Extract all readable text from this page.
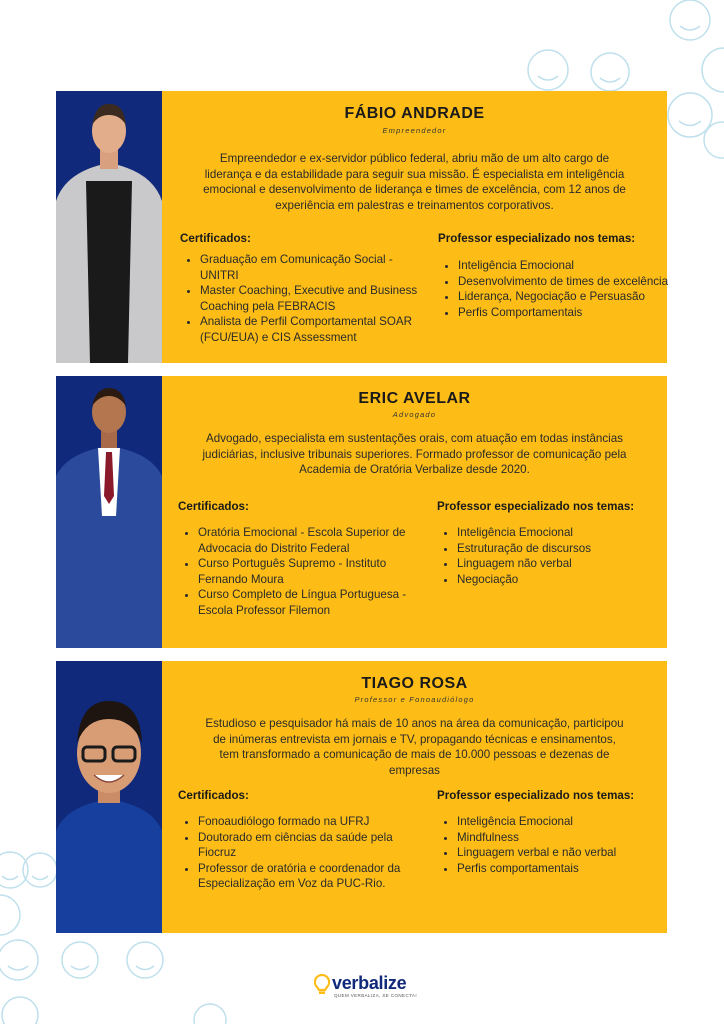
FÁBIO ANDRADE
Empreendedor
Empreendedor e ex-servidor público federal, abriu mão de um alto cargo de liderança e da estabilidade para seguir sua missão. É especialista em inteligência emocional e desenvolvimento de liderança e times de excelência, com 12 anos de experiência em palestras e treinamentos corporativos.
Certificados:
• Graduação em Comunicação Social - UNITRI
• Master Coaching, Executive and Business Coaching pela FEBRACIS
• Analista de Perfil Comportamental SOAR (FCU/EUA) e CIS Assessment
Professor especializado nos temas:
• Inteligência Emocional
• Desenvolvimento de times de excelência
• Liderança, Negociação e Persuasão
• Perfis Comportamentais
ERIC AVELAR
Advogado
Advogado, especialista em sustentações orais, com atuação em todas instâncias judiciárias, inclusive tribunais superiores. Formado professor de comunicação pela Academia de Oratória Verbalize desde 2020.
Certificados:
• Oratória Emocional - Escola Superior de Advocacia do Distrito Federal
• Curso Português Supremo - Instituto Fernando Moura
• Curso Completo de Língua Portuguesa - Escola Professor Filemon
Professor especializado nos temas:
• Inteligência Emocional
• Estruturação de discursos
• Linguagem não verbal
• Negociação
TIAGO ROSA
Professor e Fonoaudiólogo
Estudioso e pesquisador há mais de 10 anos na área da comunicação, participou de inúmeras entrevista em jornais e TV, propagando técnicas e ensinamentos, tem transformado a comunicação de mais de 10.000 pessoas e dezenas de empresas
Certificados:
• Fonoaudiólogo formado na UFRJ
• Doutorado em ciências da saúde pela Fiocruz
• Professor de oratória e coordenador da Especialização em Voz da PUC-Rio.
Professor especializado nos temas:
• Inteligência Emocional
• Mindfulness
• Linguagem verbal e não verbal
• Perfis comportamentais
verbalize
QUEM VERBALIZA, SE CONECTA!
